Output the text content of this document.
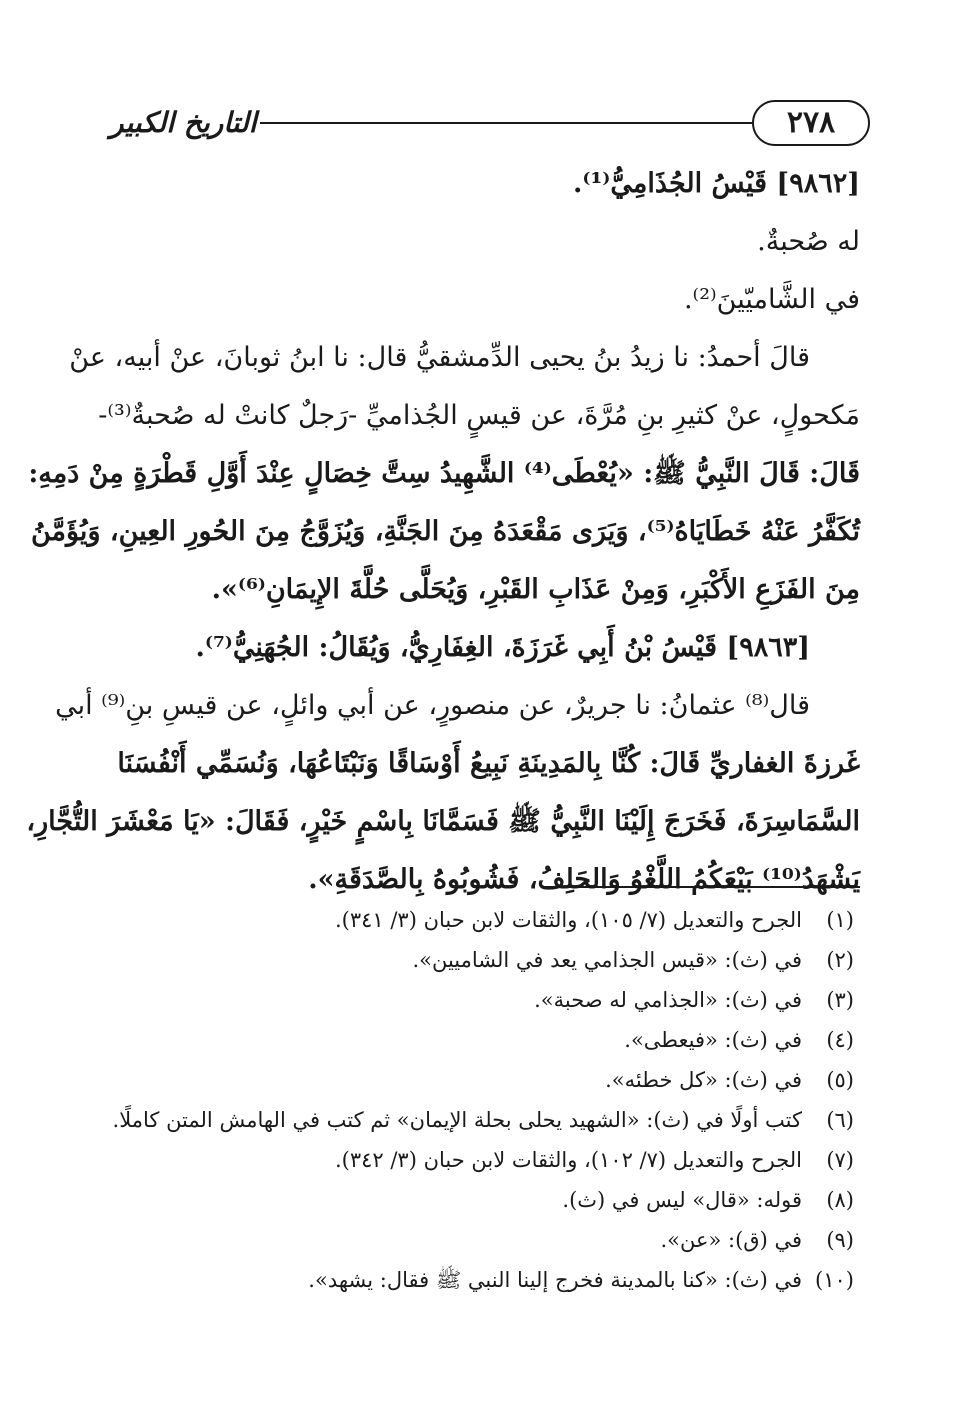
٢٧٨
التاريخ الكبير
[٩٨٦٢] قَيْسُ الجُذَامِيُّ⁽¹⁾.
له صُحبةٌ.
في الشَّاميّينَ⁽²⁾.
قالَ أحمدُ: نا زيدُ بنُ يحيى الدِّمشقيُّ قال: نا ابنُ ثوبانَ، عنْ أبيه، عنْ
مَكحولٍ، عنْ كثيرِ بنِ مُرَّةَ، عن قيسٍ الجُذاميِّ -رَجلٌ كانتْ له صُحبةٌ⁽³⁾-
قَالَ: قَالَ النَّبِيُّ ﷺ: «يُعْطَى⁽⁴⁾ الشَّهِيدُ سِتَّ خِصَالٍ عِنْدَ أَوَّلِ قَطْرَةٍ مِنْ دَمِهِ:
تُكَفَّرُ عَنْهُ خَطَايَاهُ⁽⁵⁾، وَيَرَى مَقْعَدَهُ مِنَ الجَنَّةِ، وَيُزَوَّجُ مِنَ الحُورِ العِينِ، وَيُؤَمَّنُ
مِنَ الفَزَعِ الأَكْبَرِ، وَمِنْ عَذَابِ القَبْرِ، وَيُحَلَّى حُلَّةَ الإِيمَانِ⁽⁶⁾».
[٩٨٦٣] قَيْسُ بْنُ أَبِي غَرَزَةَ، الغِفَارِيُّ، وَيُقَالُ: الجُهَنِيُّ⁽⁷⁾.
قال⁽⁸⁾ عثمانُ: نا جريرٌ، عن منصورٍ، عن أبي وائلٍ، عن قيسِ بنِ⁽⁹⁾ أبي
غَرزةَ الغفاريِّ قَالَ: كُنَّا بِالمَدِينَةِ نَبِيعُ أَوْسَاقًا وَنَبْتَاعُهَا، وَنُسَمِّي أَنْفُسَنَا
السَّمَاسِرَةَ، فَخَرَجَ إِلَيْنَا النَّبِيُّ ﷺ فَسَمَّانَا بِاسْمٍ خَيْرٍ، فَقَالَ: «يَا مَعْشَرَ التُّجَّارِ،
يَشْهَدُ⁽¹⁰⁾ بَيْعَكُمُ اللَّغْوُ وَالحَلِفُ، فَشُوبُوهُ بِالصَّدَقَةِ».
(١)الجرح والتعديل (٧/ ١٠٥)، والثقات لابن حبان (٣/ ٣٤١).
(٢)في (ث): «قيس الجذامي يعد في الشاميين».
(٣)في (ث): «الجذامي له صحبة».
(٤)في (ث): «فيعطى».
(٥)في (ث): «كل خطئه».
(٦)كتب أولًا في (ث): «الشهيد يحلى بحلة الإيمان» ثم كتب في الهامش المتن كاملًا.
(٧)الجرح والتعديل (٧/ ١٠٢)، والثقات لابن حبان (٣/ ٣٤٢).
(٨)قوله: «قال» ليس في (ث).
(٩)في (ق): «عن».
(١٠)في (ث): «كنا بالمدينة فخرج إلينا النبي ﷺ فقال: يشهد».
